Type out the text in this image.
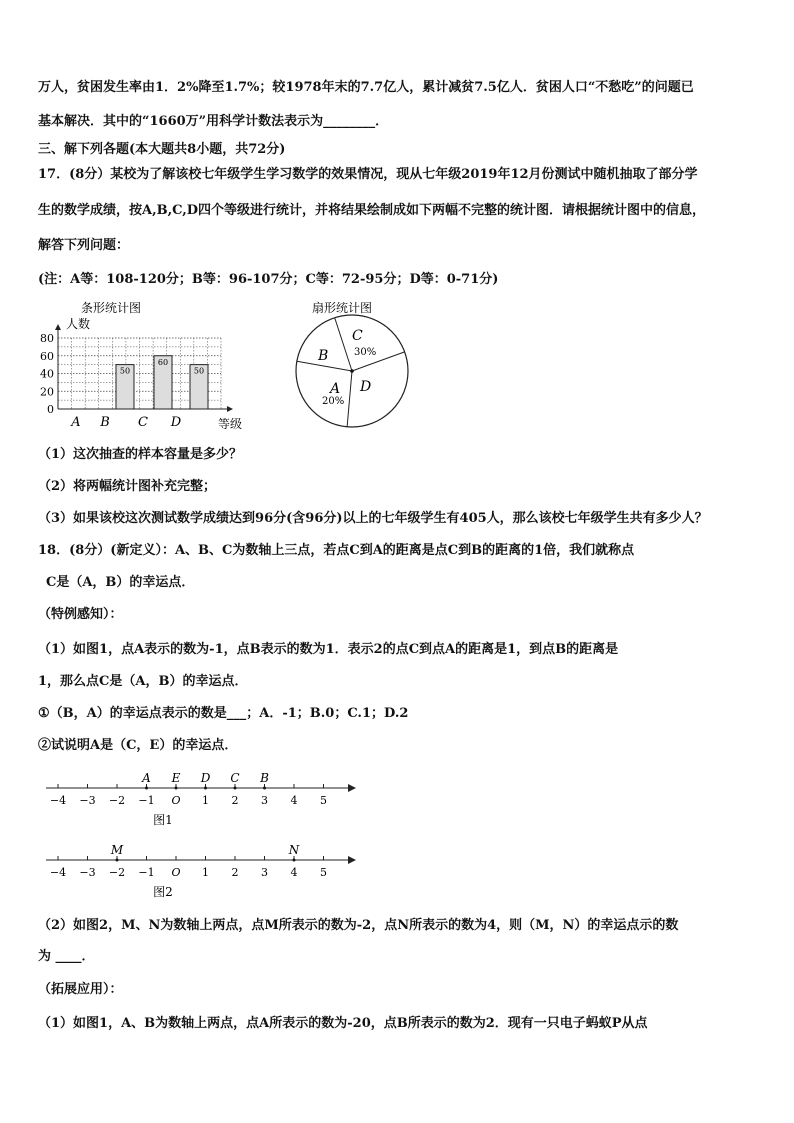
万人，贫困发生率由1．2%降至1.7%；较1978年末的7.7亿人，累计减贫7.5亿人．贫困人口“不愁吃”的问题已
基本解决．其中的“1660万”用科学计数法表示为________．
三、解下列各题(本大题共8小题，共72分)
17．(8分）某校为了解该校七年级学生学习数学的效果情况，现从七年级2019年12月份测试中随机抽取了部分学
生的数学成绩，按A,B,C,D四个等级进行统计，并将结果绘制成如下两幅不完整的统计图．请根据统计图中的信息，
解答下列问题：
(注：A等：108-120分；B等：96-107分；C等：72-95分；D等：0-71分)
条形统计图
人数
0
20
40
60
80
50
60
50
A B C D	等级
扇形统计图
C
30%
B
A
20%
D
（1）这次抽查的样本容量是多少？
（2）将两幅统计图补充完整；
（3）如果该校这次测试数学成绩达到96分(含96分)以上的七年级学生有405人，那么该校七年级学生共有多少人？
18．(8分）(新定义）：A、B、C为数轴上三点，若点C到A的距离是点C到B的距离的1倍，我们就称点
C是（A，B）的幸运点．
（特例感知）：
（1）如图1，点A表示的数为-1，点B表示的数为1．表示2的点C到点A的距离是1，到点B的距离是
1，那么点C是（A，B）的幸运点．
①（B，A）的幸运点表示的数是___；A．-1；B.0；C.1；D.2
②试说明A是（C，E）的幸运点．
−4 −3 −2 −1 O 1 2 3 4 5
A E D C B
图1
−4 −3 −2 −1 O 1 2 3 4 5
M	N
图2
（2）如图2，M、N为数轴上两点，点M所表示的数为-2，点N所表示的数为4，则（M，N）的幸运点示的数
为 ____．
（拓展应用）：
（1）如图1，A、B为数轴上两点，点A所表示的数为-20，点B所表示的数为2．现有一只电子蚂蚁P从点
